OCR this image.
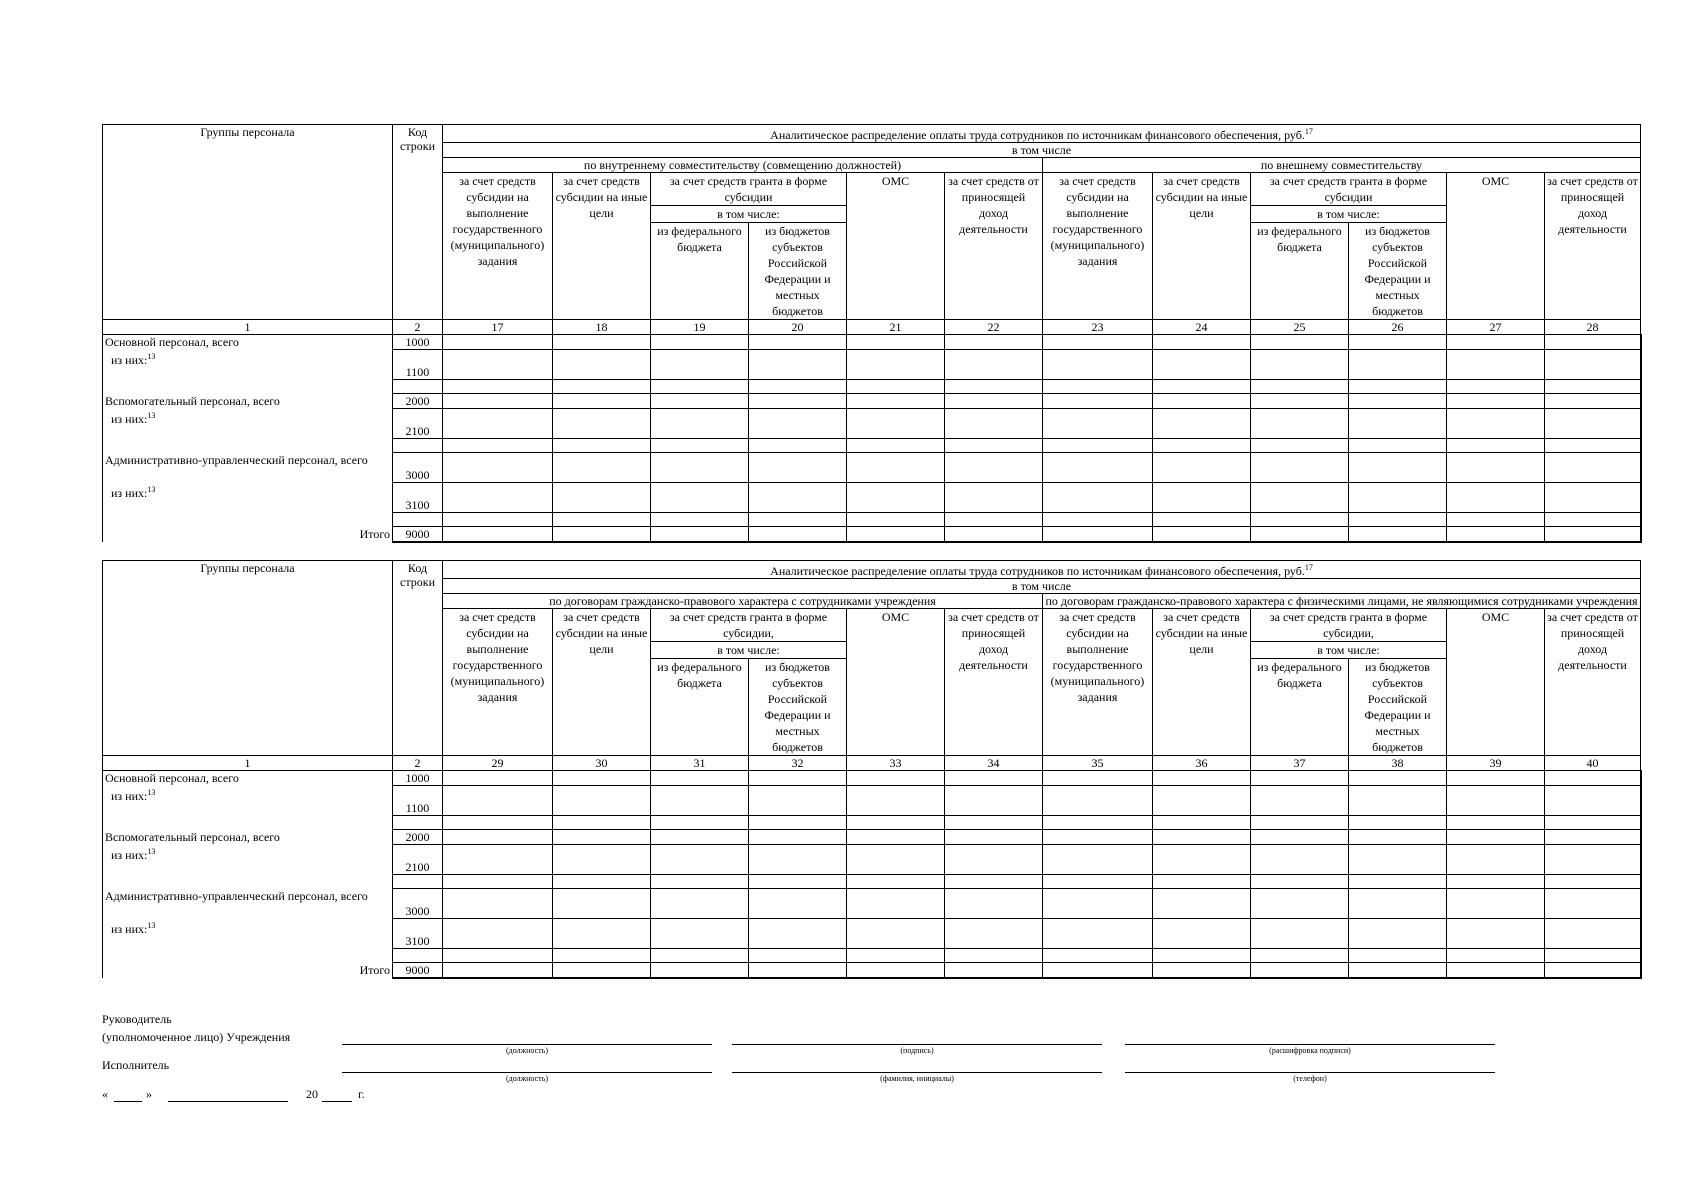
Группы персонала	Код строки	Аналитическое распределение оплаты труда сотрудников по источникам финансового обеспечения, руб.$^{17}$
		в том числе											
		по внутреннему совместительству (совмещению должностей)						по внешнему совместительству					
		за счет средств субсидии на выполнение государственного (муниципального) задания	за счет средств субсидии на иные цели	за счет средств гранта в форме субсидии		ОМС	за счет средств от приносящей доход деятельности	за счет средств субсидии на выполнение государственного (муниципального) задания	за счет средств субсидии на иные цели	за счет средств гранта в форме субсидии		ОМС	за счет средств от приносящей доход деятельности
				в том числе:						в том числе:			
				из федерального бюджета	из бюджетов субъектов Российской Федерации и местных бюджетов					из федерального бюджета	из бюджетов субъектов Российской Федерации и местных бюджетов		
1	2	17	18	19	20	21	22	23	24	25	26	27	28
Основной персонал, всего	1000												
из них:$^{13}$	1100												

Вспомогательный персонал, всего	2000												
из них:$^{13}$	2100												

Административно-управленческий персонал, всего	3000												
из них:$^{13}$	3100												

Итого	9000												
Группы персонала	Код строки	Аналитическое распределение оплаты труда сотрудников по источникам финансового обеспечения, руб.$^{17}$
		в том числе											
		по договорам гражданско-правового характера с сотрудниками учреждения						по договорам гражданско-правового характера с физическими лицами, не являющимися сотрудниками учреждения					
		за счет средств субсидии на выполнение государственного (муниципального) задания	за счет средств субсидии на иные цели	за счет средств гранта в форме субсидии,		ОМС	за счет средств от приносящей доход деятельности	за счет средств субсидии на выполнение государственного (муниципального) задания	за счет средств субсидии на иные цели	за счет средств гранта в форме субсидии,		ОМС	за счет средств от приносящей доход деятельности
				в том числе:						в том числе:			
				из федерального бюджета	из бюджетов субъектов Российской Федерации и местных бюджетов					из федерального бюджета	из бюджетов субъектов Российской Федерации и местных бюджетов		
1	2	29	30	31	32	33	34	35	36	37	38	39	40
Основной персонал, всего	1000												
из них:$^{13}$	1100												

Вспомогательный персонал, всего	2000												
из них:$^{13}$	2100												

Административно-управленческий персонал, всего	3000												
из них:$^{13}$	3100												

Итого	9000												
Руководитель
(уполномоченное лицо) Учреждения
(должность)	(подпись)	(расшифровка подписи)
Исполнитель
(должность)	(фамилия, инициалы)	(телефон)
«	»	20	г.
